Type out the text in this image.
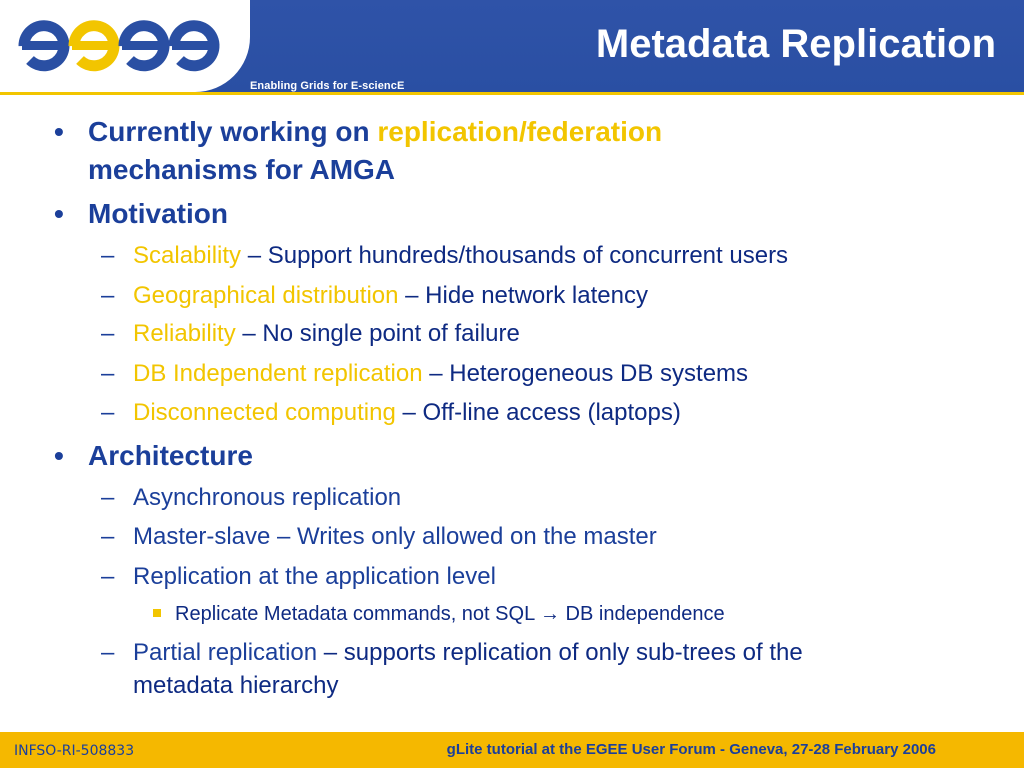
egee
Enabling Grids for E-sciencE
Metadata Replication
• Currently working on replication/federation
mechanisms for AMGA
• Motivation
– Scalability – Support hundreds/thousands of concurrent users
– Geographical distribution – Hide network latency
– Reliability – No single point of failure
– DB Independent replication – Heterogeneous DB systems
– Disconnected computing – Off-line access (laptops)
• Architecture
– Asynchronous replication
– Master-slave – Writes only allowed on the master
– Replication at the application level
Replicate Metadata commands, not SQL → DB independence
– Partial replication – supports replication of only sub-trees of the
metadata hierarchy
INFSO-RI-508833	gLite tutorial at the EGEE User Forum - Geneva, 27-28 February 2006
